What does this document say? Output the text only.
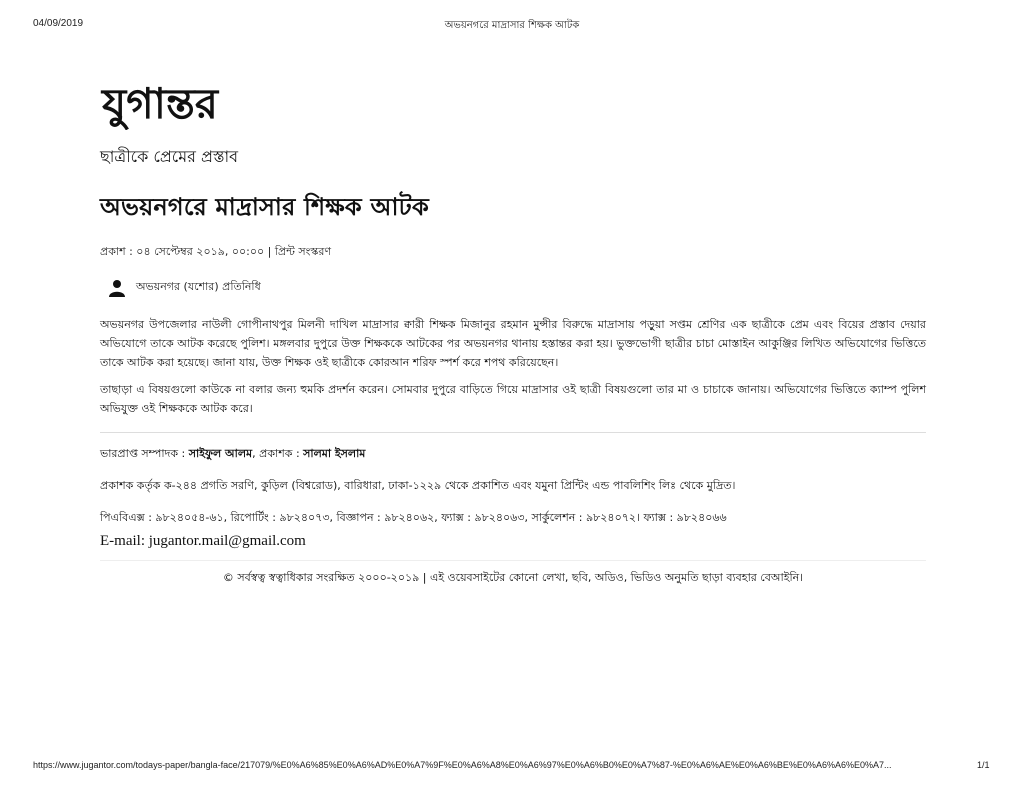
04/09/2019	অভয়নগরে মাদ্রাসার শিক্ষক আটক
যুগান্তর
ছাত্রীকে প্রেমের প্রস্তাব
অভয়নগরে মাদ্রাসার শিক্ষক আটক
প্রকাশ : ০৪ সেপ্টেম্বর ২০১৯, ০০:০০ | প্রিন্ট সংস্করণ
অভয়নগর (যশোর) প্রতিনিধি
অভয়নগর উপজেলার নাউলী গোপীনাথপুর মিলনী দাখিল মাদ্রাসার ক্বারী শিক্ষক মিজানুর রহমান মুন্সীর বিরুদ্ধে মাদ্রাসায় পড়ুয়া সপ্তম শ্রেণির এক ছাত্রীকে প্রেম এবং বিয়ের প্রস্তাব দেয়ার অভিযোগে তাকে আটক করেছে পুলিশ। মঙ্গলবার দুপুরে উক্ত শিক্ষককে আটকের পর অভয়নগর থানায় হস্তান্তর করা হয়। ভুক্তভোগী ছাত্রীর চাচা মোস্তাইন আকুঞ্জির লিখিত অভিযোগের ভিত্তিতে তাকে আটক করা হয়েছে। জানা যায়, উক্ত শিক্ষক ওই ছাত্রীকে কোরআন শরিফ স্পর্শ করে শপথ করিয়েছেন।
তাছাড়া এ বিষয়গুলো কাউকে না বলার জন্য হুমকি প্রদর্শন করেন। সোমবার দুপুরে বাড়িতে গিয়ে মাদ্রাসার ওই ছাত্রী বিষয়গুলো তার মা ও চাচাকে জানায়। অভিযোগের ভিত্তিতে ক্যাম্প পুলিশ অভিযুক্ত ওই শিক্ষককে আটক করে।
ভারপ্রাপ্ত সম্পাদক : সাইফুল আলম, প্রকাশক : সালমা ইসলাম
প্রকাশক কর্তৃক ক-২৪৪ প্রগতি সরণি, কুড়িল (বিশ্বরোড), বারিধারা, ঢাকা-১২২৯ থেকে প্রকাশিত এবং যমুনা প্রিন্টিং এন্ড পাবলিশিং লিঃ থেকে মুদ্রিত।
পিএবিএক্স : ৯৮২৪০৫৪-৬১, রিপোর্টিং : ৯৮২৪০৭৩, বিজ্ঞাপন : ৯৮২৪০৬২, ফ্যাক্স : ৯৮২৪০৬৩, সার্কুলেশন : ৯৮২৪০৭২। ফ্যাক্স : ৯৮২৪০৬৬
E-mail: jugantor.mail@gmail.com
© সর্বস্বত্ব স্বত্বাধিকার সংরক্ষিত ২০০০-২০১৯ | এই ওয়েবসাইটের কোনো লেখা, ছবি, অডিও, ভিডিও অনুমতি ছাড়া ব্যবহার বেআইনি।
https://www.jugantor.com/todays-paper/bangla-face/217079/%E0%A6%85%E0%A6%AD%E0%A7%9F%E0%A6%A8%E0%A6%97%E0%A6%B0%E0%A7%87-%E0%A6%AE%E0%A6%BE%E0%A6%A6%E0%A7...	1/1
